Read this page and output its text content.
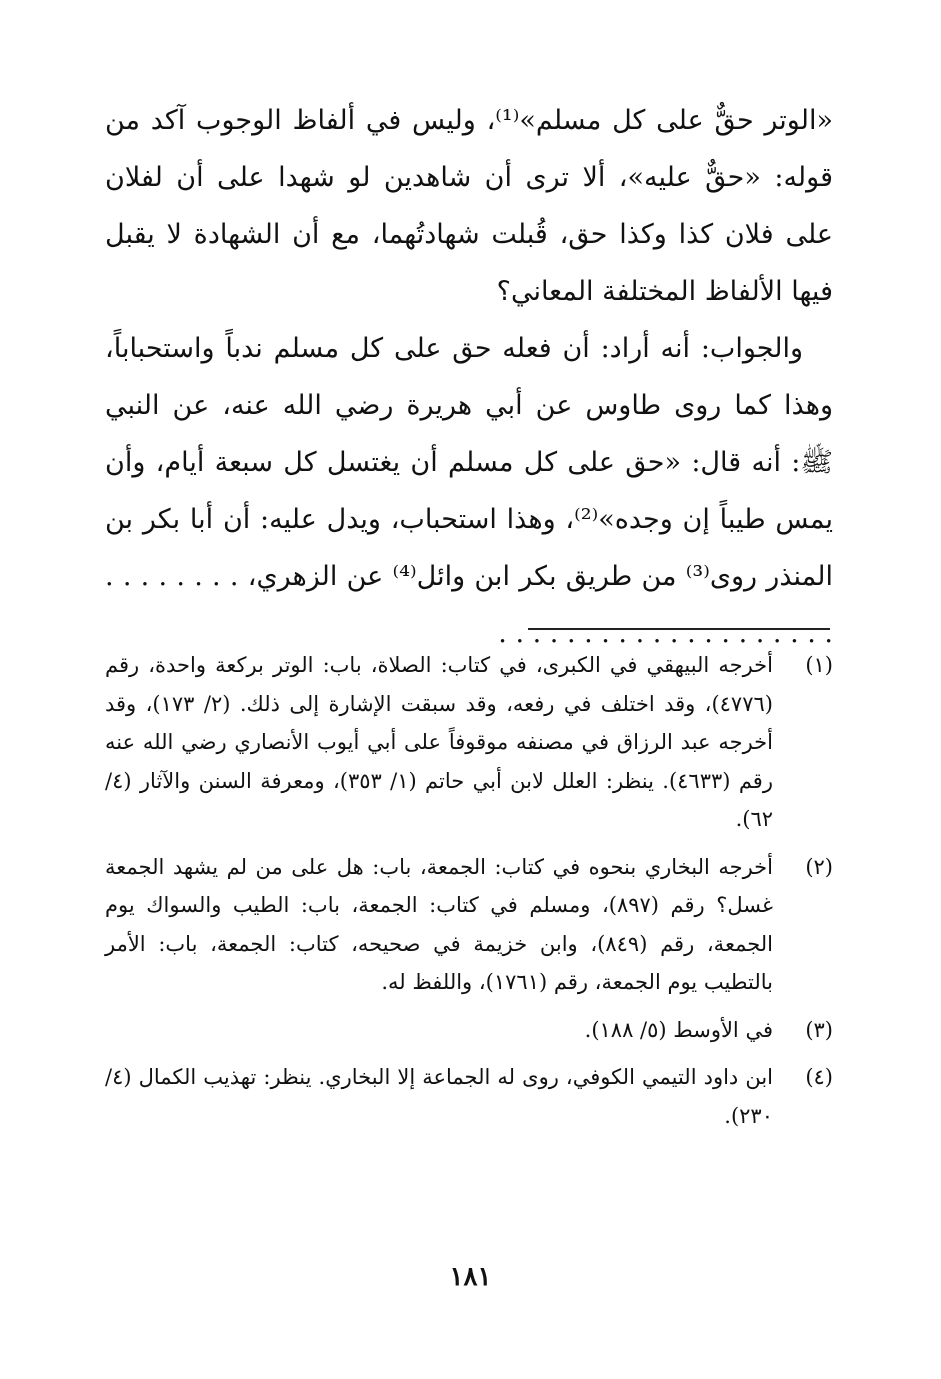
«الوتر حقٌّ على كل مسلم»⁽¹⁾، وليس في ألفاظ الوجوب آكد من قوله: «حقٌّ عليه»، ألا ترى أن شاهدين لو شهدا على أن لفلان على فلان كذا وكذا حق، قُبلت شهادتُهما، مع أن الشهادة لا يقبل فيها الألفاظ المختلفة المعاني؟

والجواب: أنه أراد: أن فعله حق على كل مسلم ندباً واستحباباً، وهذا كما روى طاوس عن أبي هريرة رضي الله عنه، عن النبي ﷺ: أنه قال: «حق على كل مسلم أن يغتسل كل سبعة أيام، وأن يمس طيباً إن وجده»⁽²⁾، وهذا استحباب، ويدل عليه: أن أبا بكر بن المنذر روى⁽³⁾ من طريق بكر ابن وائل⁽⁴⁾ عن الزهري، . . . . . . . . . . . . . . . . . . . . . . . . . . . .

(١)
أخرجه البيهقي في الكبرى، في كتاب: الصلاة، باب: الوتر بركعة واحدة، رقم (٤٧٧٦)، وقد اختلف في رفعه، وقد سبقت الإشارة إلى ذلك. (٢/ ١٧٣)، وقد أخرجه عبد الرزاق في مصنفه موقوفاً على أبي أيوب الأنصاري رضي الله عنه رقم (٤٦٣٣). ينظر: العلل لابن أبي حاتم (١/ ٣٥٣)، ومعرفة السنن والآثار (٤/ ٦٢).
(٢)
أخرجه البخاري بنحوه في كتاب: الجمعة، باب: هل على من لم يشهد الجمعة غسل؟ رقم (٨٩٧)، ومسلم في كتاب: الجمعة، باب: الطيب والسواك يوم الجمعة، رقم (٨٤٩)، وابن خزيمة في صحيحه، كتاب: الجمعة، باب: الأمر بالتطيب يوم الجمعة، رقم (١٧٦١)، واللفظ له.
(٣)
في الأوسط (٥/ ١٨٨).
(٤)
ابن داود التيمي الكوفي، روى له الجماعة إلا البخاري. ينظر: تهذيب الكمال (٤/ ٢٣٠).
١٨١
